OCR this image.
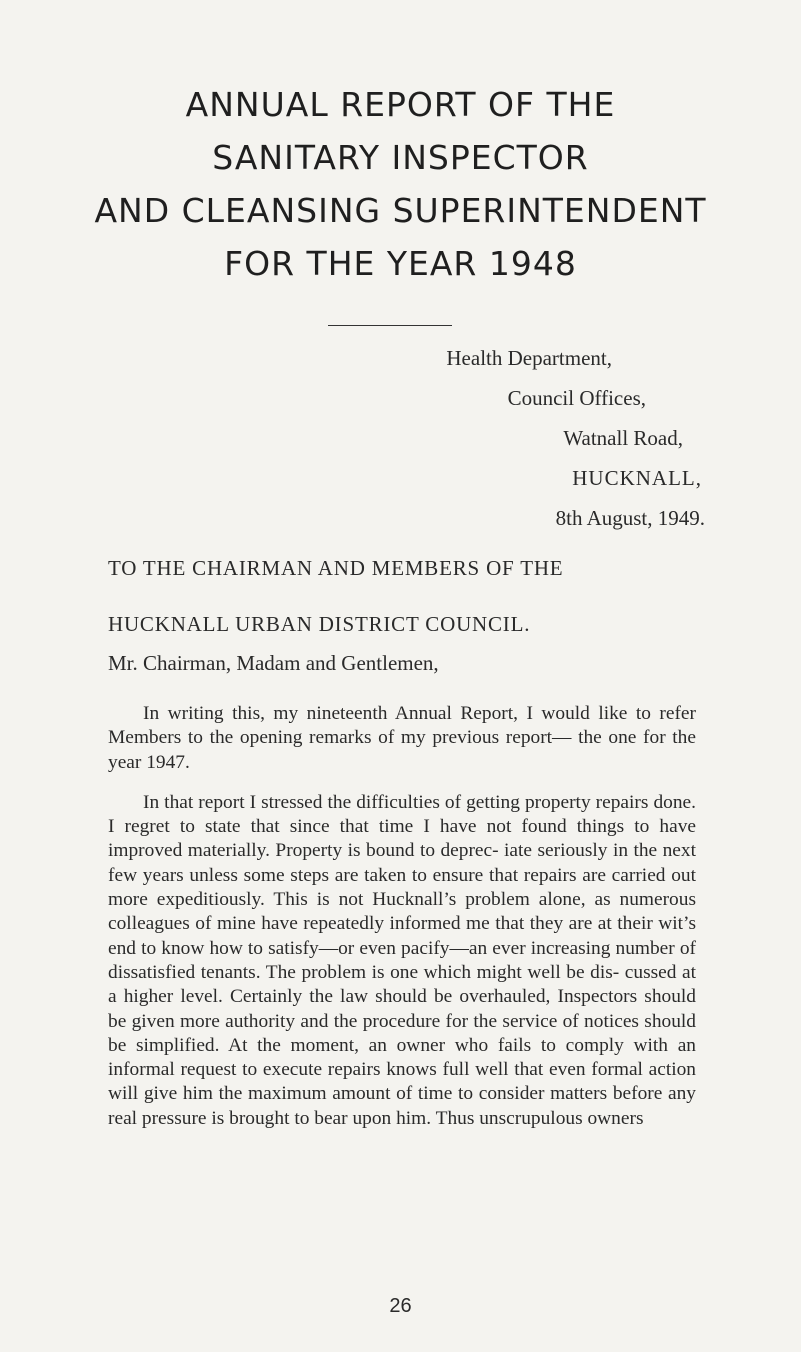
ANNUAL REPORT OF THE
SANITARY INSPECTOR
AND CLEANSING SUPERINTENDENT
FOR THE YEAR 1948
Health Department,
Council Offices,
Watnall Road,
HUCKNALL,
8th August, 1949.
TO THE CHAIRMAN AND MEMBERS OF THE
HUCKNALL URBAN DISTRICT COUNCIL.
Mr. Chairman, Madam and Gentlemen,

In writing this, my nineteenth Annual Report, I would like to refer Members to the opening remarks of my previous report— the one for the year 1947.

In that report I stressed the difficulties of getting property repairs done. I regret to state that since that time I have not found things to have improved materially. Property is bound to deprec- iate seriously in the next few years unless some steps are taken to ensure that repairs are carried out more expeditiously. This is not Hucknall’s problem alone, as numerous colleagues of mine have repeatedly informed me that they are at their wit’s end to know how to satisfy—or even pacify—an ever increasing number of dissatisfied tenants. The problem is one which might well be dis- cussed at a higher level. Certainly the law should be overhauled, Inspectors should be given more authority and the procedure for the service of notices should be simplified. At the moment, an owner who fails to comply with an informal request to execute repairs knows full well that even formal action will give him the maximum amount of time to consider matters before any real pressure is brought to bear upon him. Thus unscrupulous owners

26
